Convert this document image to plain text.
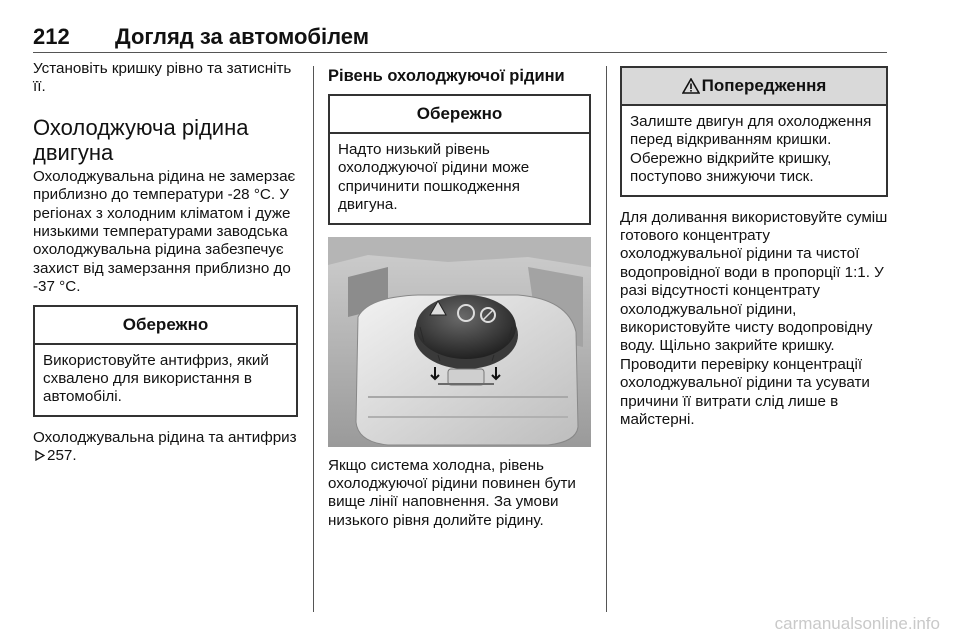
212 Догляд за автомобілем

Установіть кришку рівно та затисніть її.

Охолоджуюча рідина двигуна

Охолоджувальна рідина не замерзає приблизно до температури -28 °C. У регіонах з холодним кліматом і дуже низькими температурами заводська охолоджувальна рідина забезпечує захист від замерзання приблизно до -37 °C.

Обережно

Використовуйте антифриз, який схвалено для використання в автомобілі.

Охолоджувальна рідина та антифриз 257.

Рівень охолоджуючої рідини
Обережно

Надто низький рівень охолоджуючої рідини може спричинити пошкодження двигуна.

Якщо система холодна, рівень охолоджуючої рідини повинен бути вище лінії наповнення. За умови низького рівня долийте рідину.

Попередження

Залиште двигун для охолодження перед відкриванням кришки. Обережно відкрийте кришку, поступово знижуючи тиск.

Для доливання використовуйте суміш готового концентрату охолоджувальної рідини та чистої водопровідної води в пропорції 1:1. У разі відсутності концентрату охолоджувальної рідини, використовуйте чисту водопровідну воду. Щільно закрийте кришку. Проводити перевірку концентрації охолоджувальної рідини та усувати причини її витрати слід лише в майстерні.

carmanualsonline.info
